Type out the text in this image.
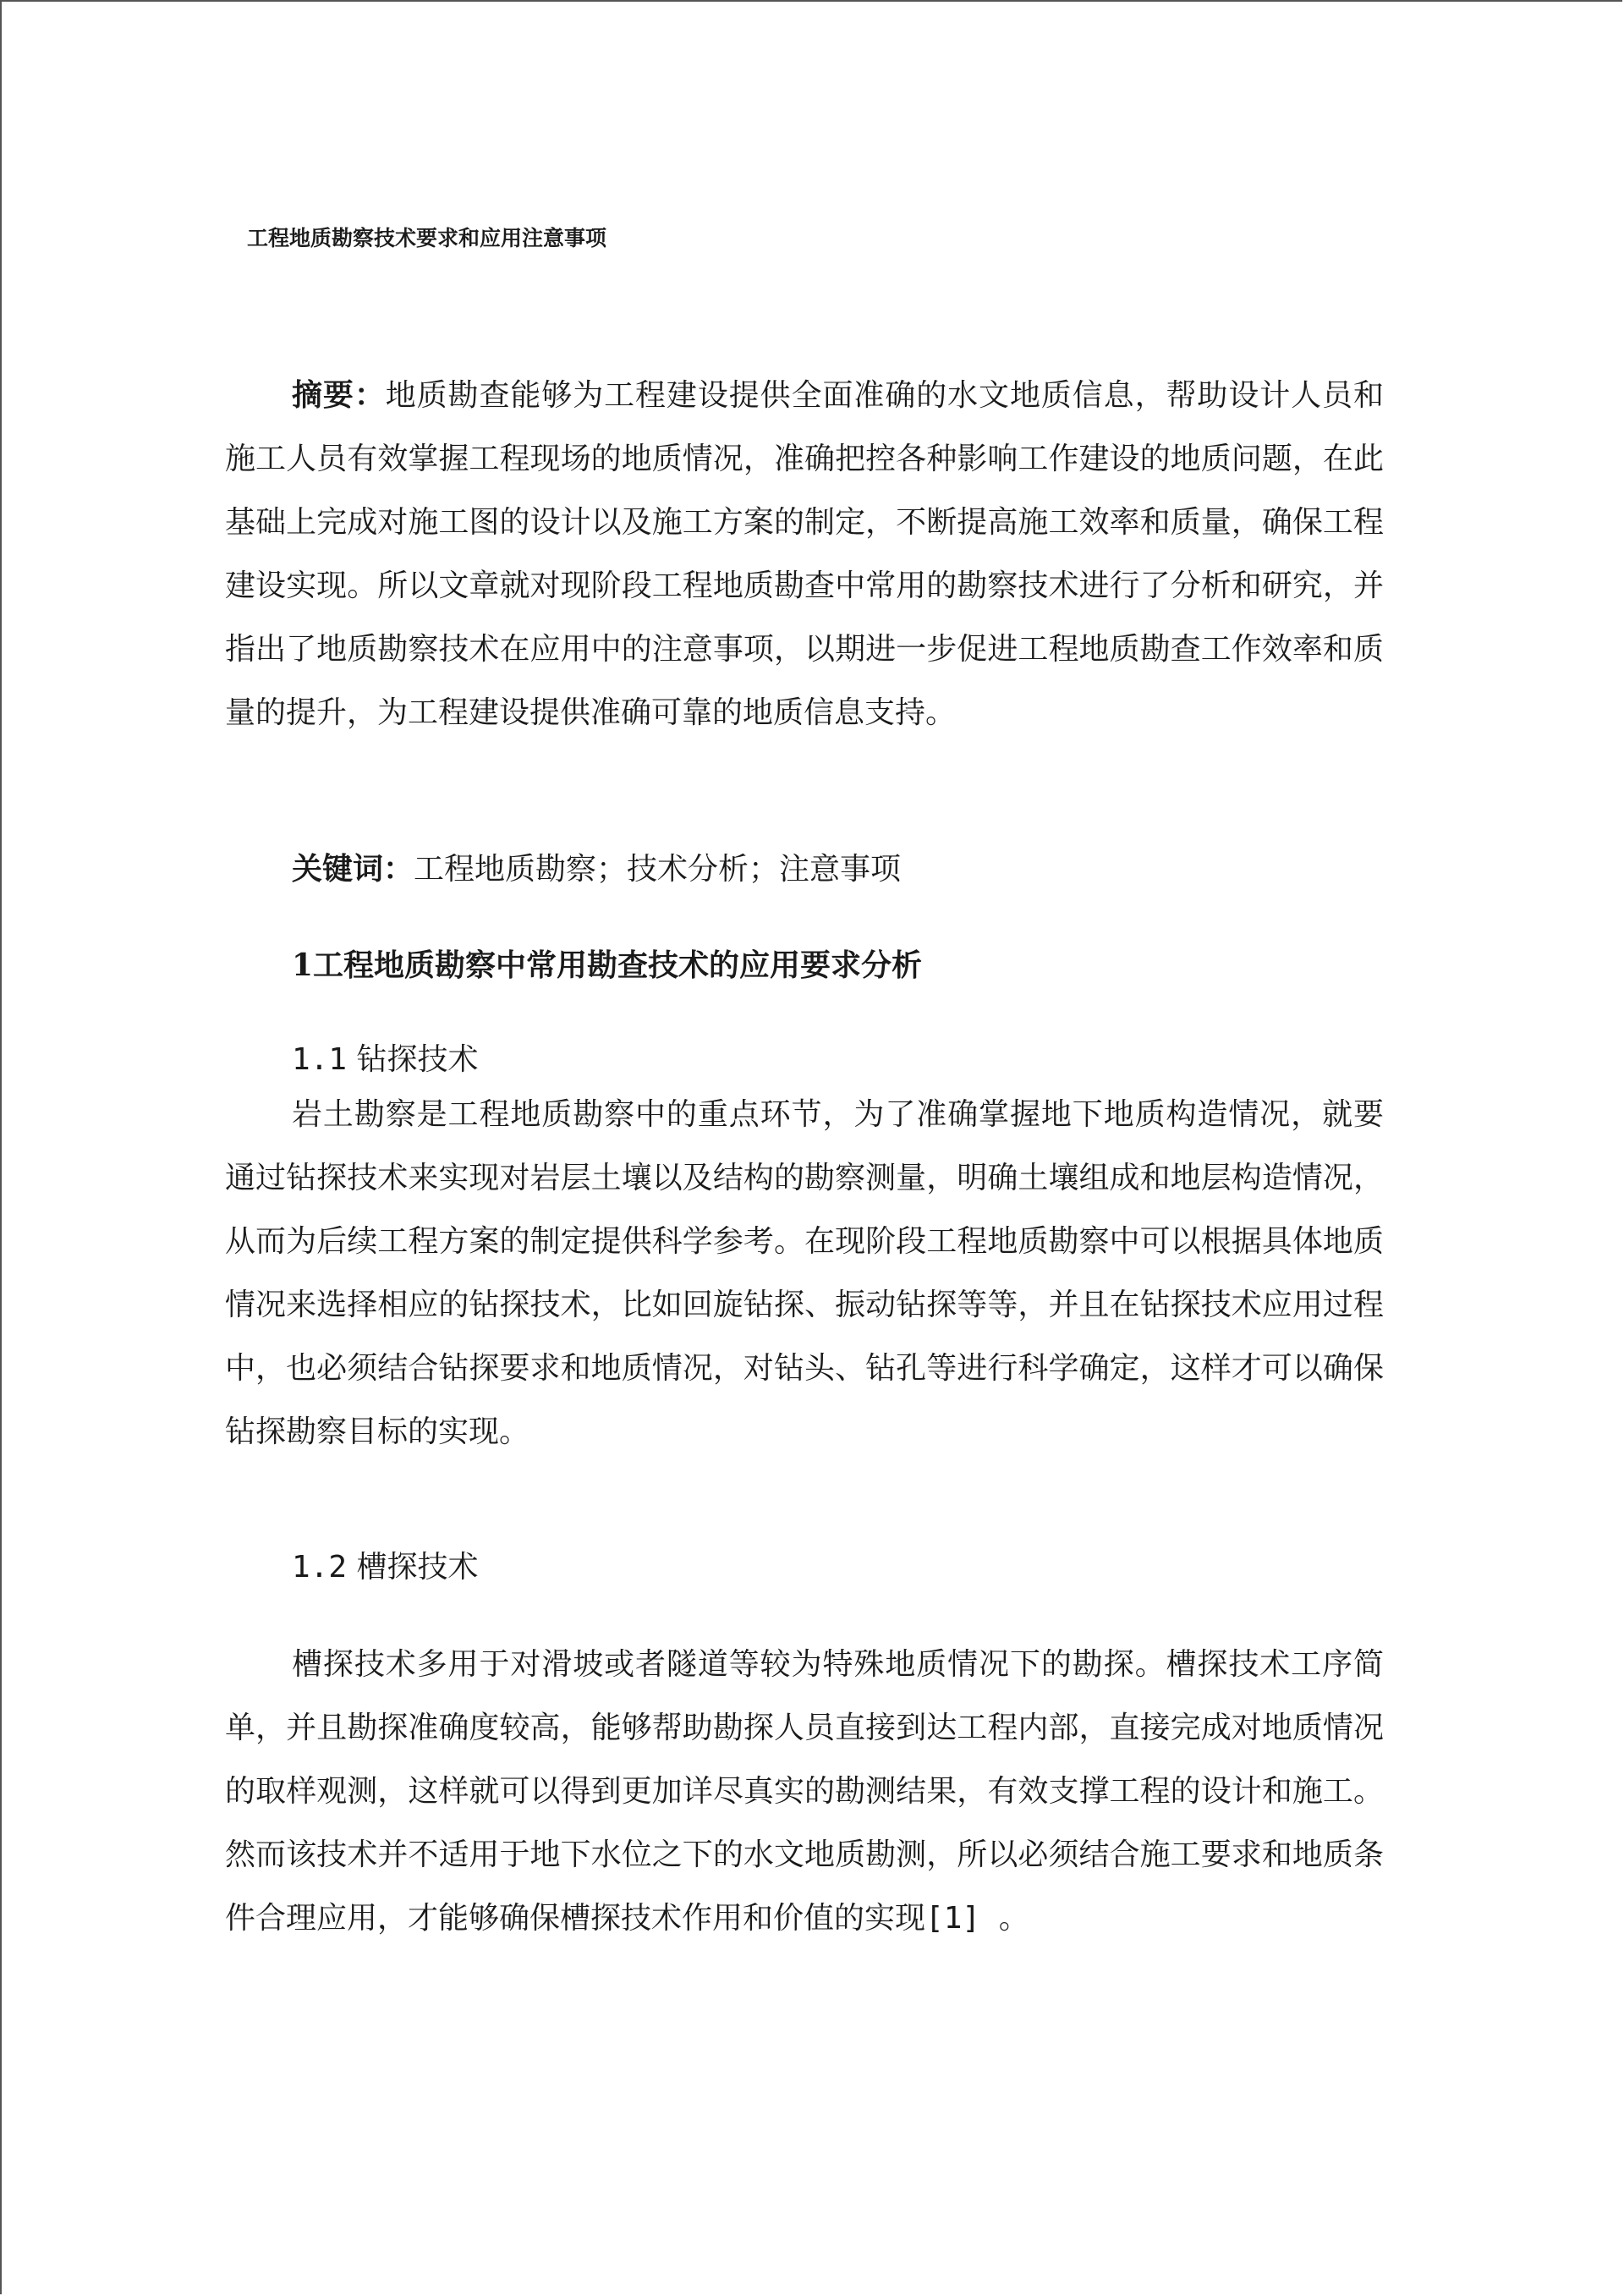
工程地质勘察技术要求和应用注意事项

摘要：地质勘查能够为工程建设提供全面准确的水文地质信息，帮助设计人员和施工人员有效掌握工程现场的地质情况，准确把控各种影响工作建设的地质问题，在此基础上完成对施工图的设计以及施工方案的制定，不断提高施工效率和质量，确保工程建设实现。所以文章就对现阶段工程地质勘查中常用的勘察技术进行了分析和研究，并指出了地质勘察技术在应用中的注意事项，以期进一步促进工程地质勘查工作效率和质量的提升，为工程建设提供准确可靠的地质信息支持。

关键词：工程地质勘察；技术分析；注意事项

1工程地质勘察中常用勘查技术的应用要求分析

1.1 钻探技术

岩土勘察是工程地质勘察中的重点环节，为了准确掌握地下地质构造情况，就要通过钻探技术来实现对岩层土壤以及结构的勘察测量，明确土壤组成和地层构造情况，从而为后续工程方案的制定提供科学参考。在现阶段工程地质勘察中可以根据具体地质情况来选择相应的钻探技术，比如回旋钻探、振动钻探等等，并且在钻探技术应用过程中，也必须结合钻探要求和地质情况，对钻头、钻孔等进行科学确定，这样才可以确保钻探勘察目标的实现。

1.2 槽探技术

槽探技术多用于对滑坡或者隧道等较为特殊地质情况下的勘探。槽探技术工序简单，并且勘探准确度较高，能够帮助勘探人员直接到达工程内部，直接完成对地质情况的取样观测，这样就可以得到更加详尽真实的勘测结果，有效支撑工程的设计和施工。然而该技术并不适用于地下水位之下的水文地质勘测，所以必须结合施工要求和地质条件合理应用，才能够确保槽探技术作用和价值的实现[1] 。
